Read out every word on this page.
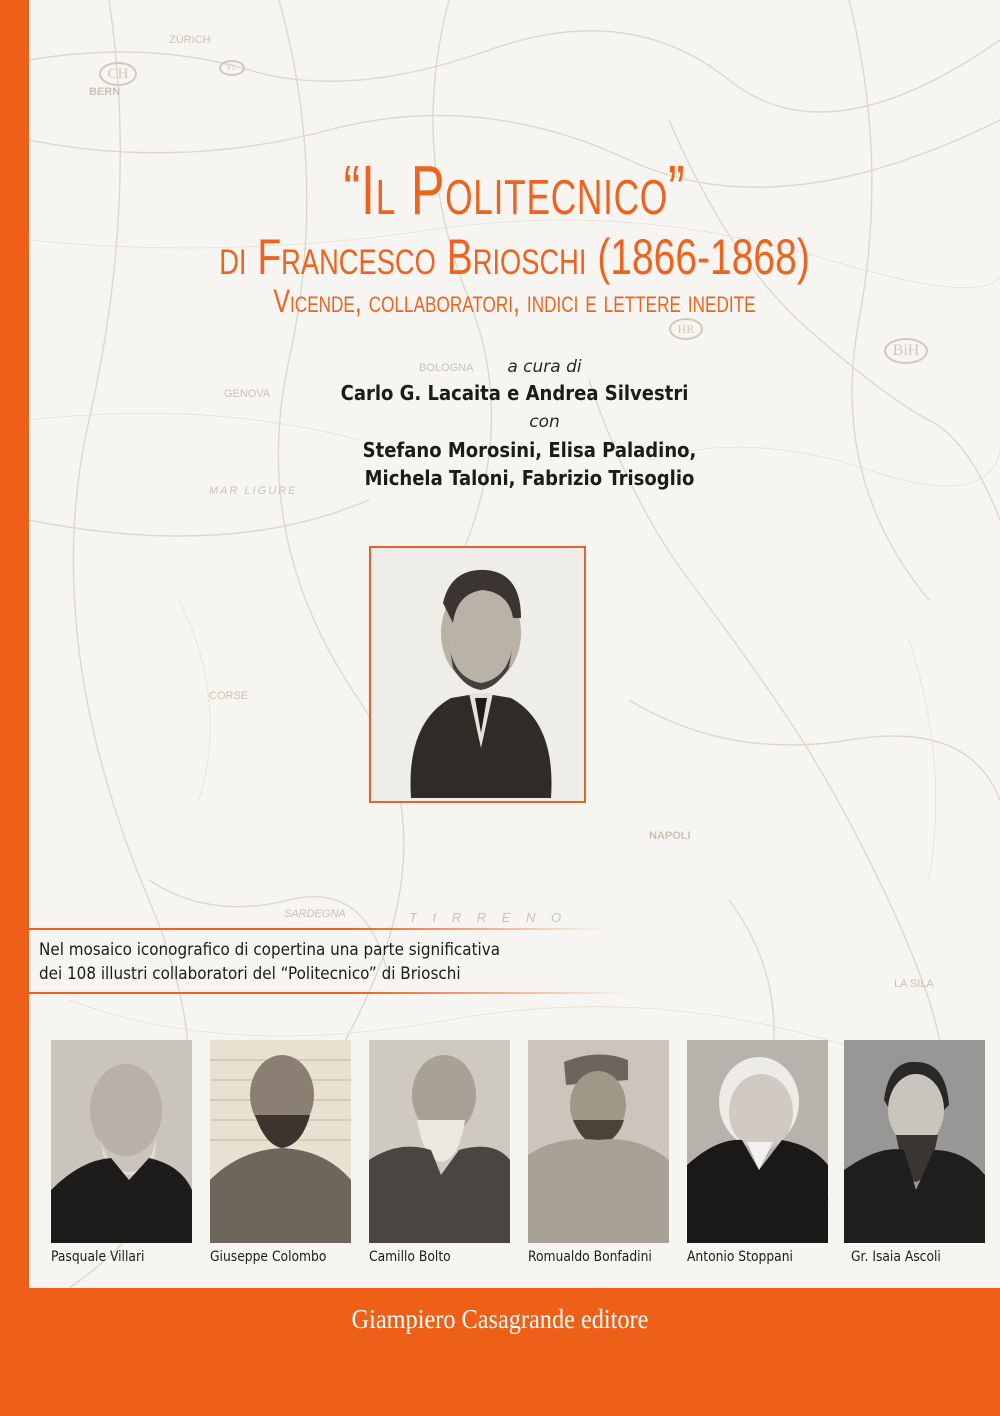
CH	FL
HR
BiH
BERN
ZÜRICH
GENOVA
BOLOGNA
NAPOLI
SARDEGNA
MAR LIGURE
T I R R E N O
CORSE
LA SILA
“Il Politecnico”
di Francesco Brioschi (1866-1868)
Vicende, collaboratori, indici e lettere inedite
a cura di
Carlo G. Lacaita e Andrea Silvestri
con
Stefano Morosini, Elisa Paladino,
Michela Taloni, Fabrizio Trisoglio
Nel mosaico iconografico di copertina una parte significativa
dei 108 illustri collaboratori del “Politecnico” di Brioschi
Pasquale Villari	Giuseppe Colombo	Camillo Bolto	Romualdo Bonfadini Antonio Stoppani	Gr. Isaia Ascoli
Giampiero Casagrande editore
